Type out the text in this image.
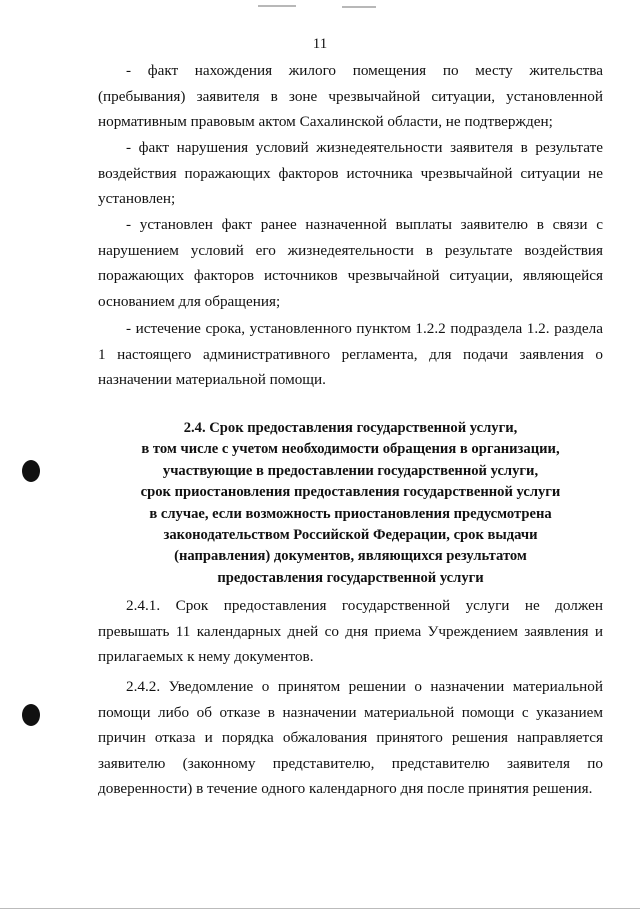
11

- факт нахождения жилого помещения по месту жительства (пребывания) заявителя в зоне чрезвычайной ситуации, установленной нормативным правовым актом Сахалинской области, не подтвержден;

- факт нарушения условий жизнедеятельности заявителя в результате воздействия поражающих факторов источника чрезвычайной ситуации не установлен;

- установлен факт ранее назначенной выплаты заявителю в связи с нарушением условий его жизнедеятельности в результате воздействия поражающих факторов источников чрезвычайной ситуации, являющейся основанием для обращения;

- истечение срока, установленного пунктом 1.2.2 подраздела 1.2. раздела 1 настоящего административного регламента, для подачи заявления о назначении материальной помощи.

2.4. Срок предоставления государственной услуги,
в том числе с учетом необходимости обращения в организации,
участвующие в предоставлении государственной услуги,
срок приостановления предоставления государственной услуги
в случае, если возможность приостановления предусмотрена
законодательством Российской Федерации, срок выдачи
(направления) документов, являющихся результатом
предоставления государственной услуги

2.4.1. Срок предоставления государственной услуги не должен превышать 11 календарных дней со дня приема Учреждением заявления и прилагаемых к нему документов.

2.4.2. Уведомление о принятом решении о назначении материальной помощи либо об отказе в назначении материальной помощи с указанием причин отказа и порядка обжалования принятого решения направляется заявителю (законному представителю, представителю заявителя по доверенности) в течение одного календарного дня после принятия решения.
